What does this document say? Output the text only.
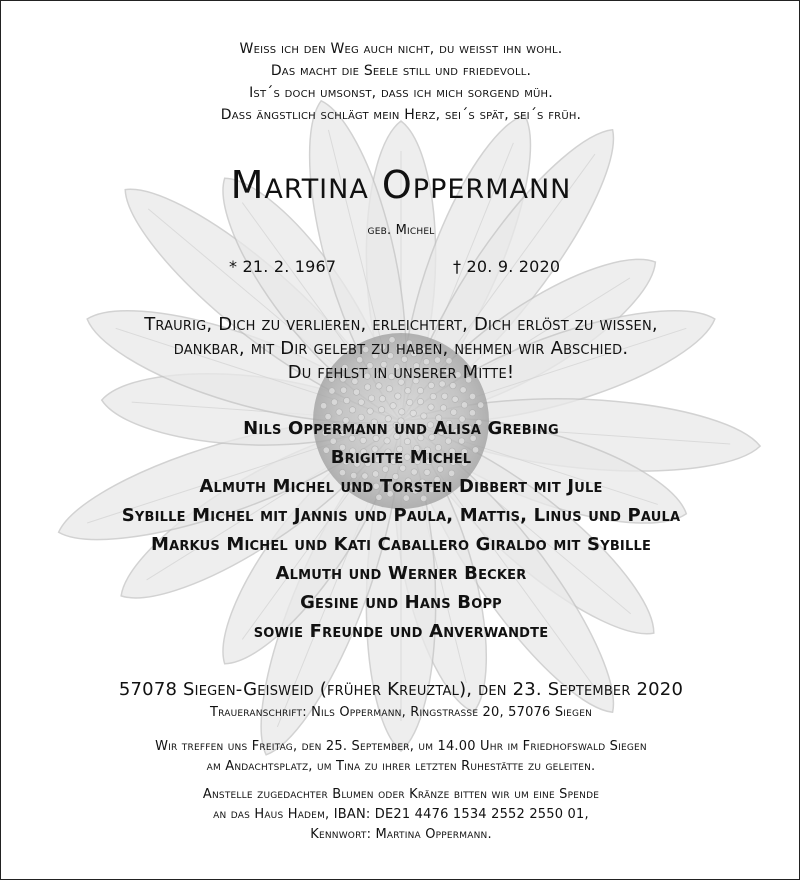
Weiss ich den Weg auch nicht, du weisst ihn wohl.
Das macht die Seele still und friedevoll.
Ist´s doch umsonst, dass ich mich sorgend müh.
Dass ängstlich schlägt mein Herz, sei´s spät, sei´s früh.
Martina Oppermann
geb. Michel
* 21. 2. 1967	† 20. 9. 2020
Traurig, Dich zu verlieren, erleichtert, Dich erlöst zu wissen,
dankbar, mit Dir gelebt zu haben, nehmen wir Abschied.
Du fehlst in unserer Mitte!
Nils Oppermann und Alisa Grebing
Brigitte Michel
Almuth Michel und Torsten Dibbert mit Jule
Sybille Michel mit Jannis und Paula, Mattis, Linus und Paula
Markus Michel und Kati Caballero Giraldo mit Sybille
Almuth und Werner Becker
Gesine und Hans Bopp
sowie Freunde und Anverwandte
57078 Siegen-Geisweid (früher Kreuztal), den 23. September 2020
Traueranschrift: Nils Oppermann, Ringstrasse 20, 57076 Siegen
Wir treffen uns Freitag, den 25. September, um 14.00 Uhr im Friedhofswald Siegen
am Andachtsplatz, um Tina zu ihrer letzten Ruhestätte zu geleiten.
Anstelle zugedachter Blumen oder Kränze bitten wir um eine Spende
an das Haus Hadem, IBAN: DE21 4476 1534 2552 2550 01,
Kennwort: Martina Oppermann.
